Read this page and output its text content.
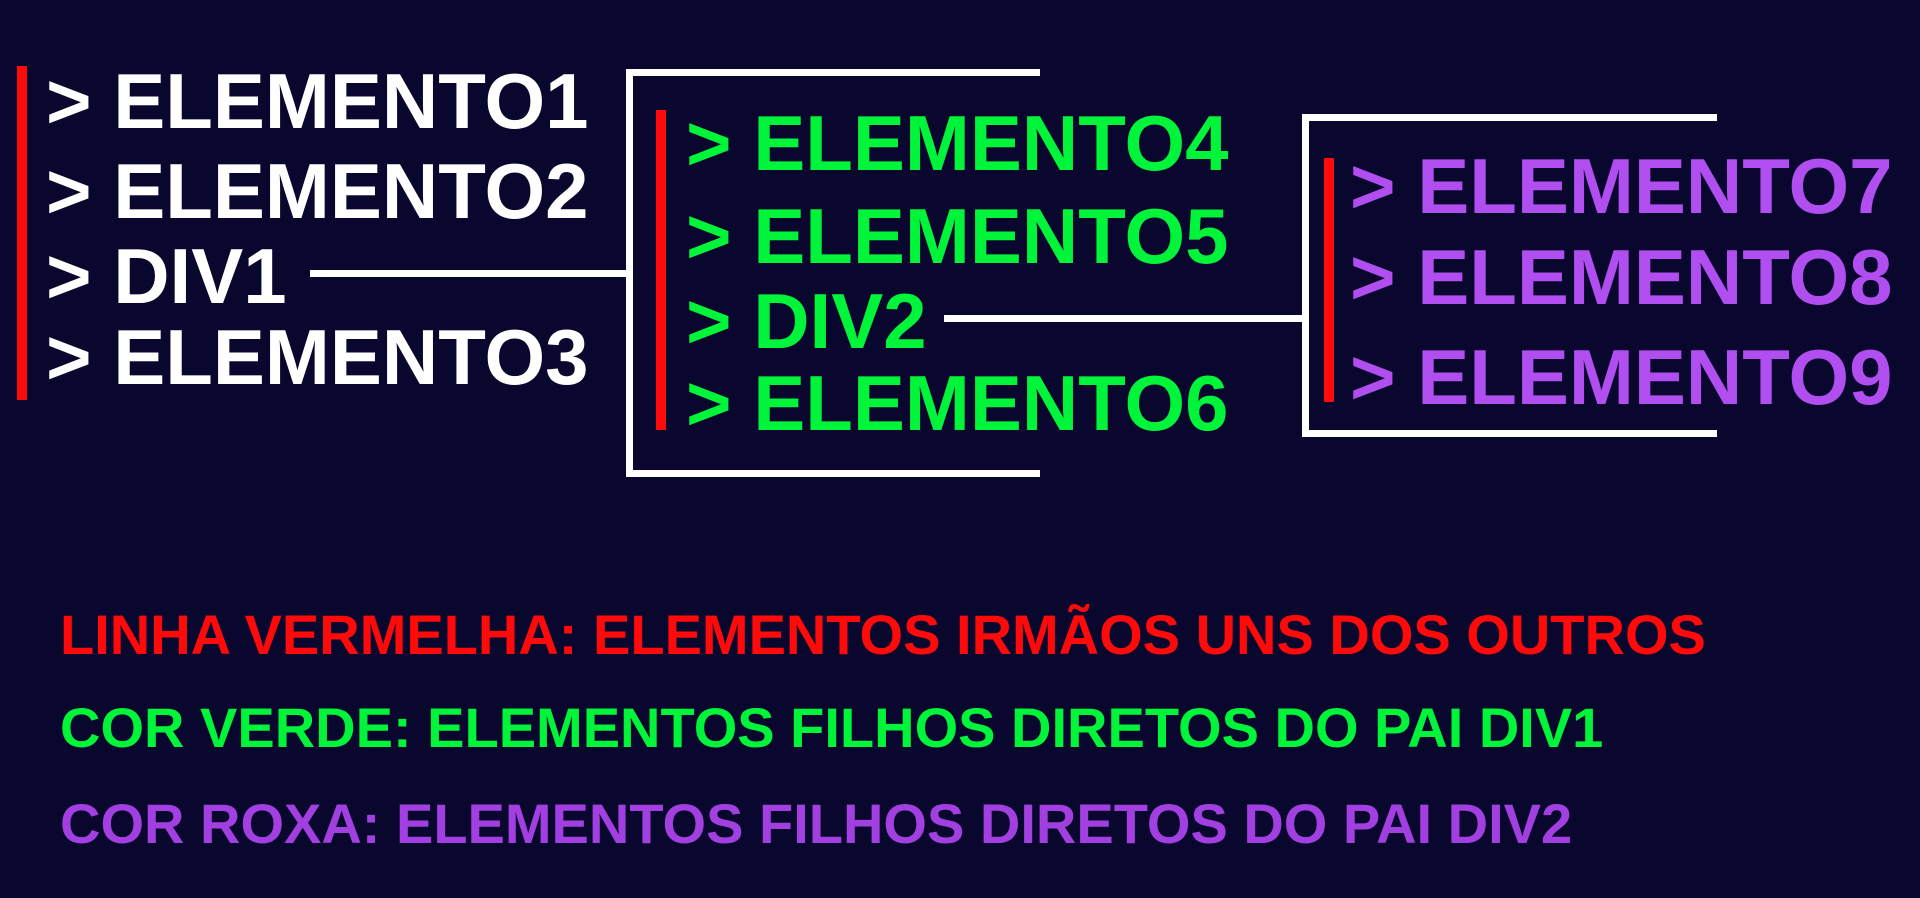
> ELEMENTO1
> ELEMENTO2
> DIV1
> ELEMENTO3
> ELEMENTO4
> ELEMENTO5
> DIV2
> ELEMENTO6
> ELEMENTO7
> ELEMENTO8
> ELEMENTO9
LINHA VERMELHA: ELEMENTOS IRMÃOS UNS DOS OUTROS
COR VERDE: ELEMENTOS FILHOS DIRETOS DO PAI DIV1
COR ROXA: ELEMENTOS FILHOS DIRETOS DO PAI DIV2
